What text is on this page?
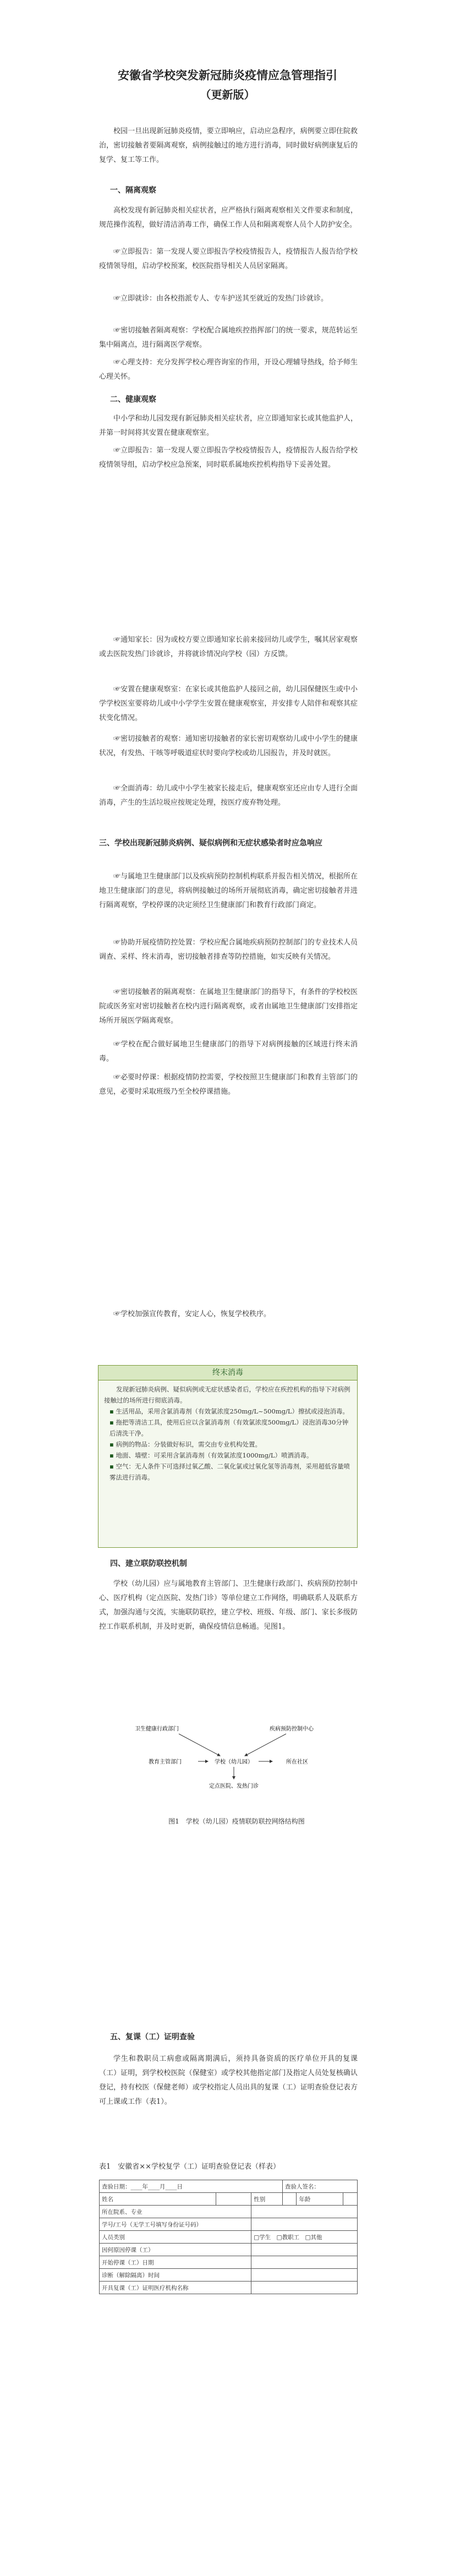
安徽省学校突发新冠肺炎疫情应急管理指引
（更新版）

校园一旦出现新冠肺炎疫情，要立即响应，启动应急程序，病例要立即住院救治，密切接触者要隔离观察，病例接触过的地方进行消毒，同时做好病例康复后的复学、复工等工作。

一、隔离观察

高校发现有新冠肺炎相关症状者，应严格执行隔离观察相关文件要求和制度，规范操作流程，做好清洁消毒工作，确保工作人员和隔离观察人员个人防护安全。

☞ 立即报告：第一发现人要立即报告学校疫情报告人，疫情报告人报告给学校疫情领导组，启动学校预案，校医院指导相关人员居家隔离。

☞ 立即就诊：由各校指派专人、专车护送其至就近的发热门诊就诊。

☞ 密切接触者隔离观察：学校配合属地疾控指挥部门的统一要求，规范转运至集中隔离点，进行隔离医学观察。

☞ 心理支持：充分发挥学校心理咨询室的作用，开设心理辅导热线，给予师生心理关怀。

二、健康观察

中小学和幼儿园发现有新冠肺炎相关症状者，应立即通知家长或其他监护人，并第一时间将其安置在健康观察室。

☞ 立即报告：第一发现人要立即报告学校疫情报告人，疫情报告人报告给学校疫情领导组，启动学校应急预案，同时联系属地疾控机构指导下妥善处置。

☞ 通知家长：因为或校方要立即通知家长前来接回幼儿或学生，嘱其居家观察或去医院发热门诊就诊，并将就诊情况向学校（园）方反馈。

☞ 安置在健康观察室：在家长或其他监护人接回之前，幼儿园保健医生或中小学学校医室要将幼儿或中小学学生安置在健康观察室，并安排专人陪伴和观察其症状变化情况。

☞ 密切接触者的观察：通知密切接触者的家长密切观察幼儿或中小学生的健康状况，有发热、干咳等呼吸道症状时要向学校或幼儿园报告，并及时就医。

☞ 全面消毒：幼儿或中小学生被家长接走后，健康观察室还应由专人进行全面消毒，产生的生活垃圾应按规定处理，按医疗废弃物处理。

三、学校出现新冠肺炎病例、疑似病例和无症状感染者时应急响应

☞ 与属地卫生健康部门以及疾病预防控制机构联系并报告相关情况，根据所在地卫生健康部门的意见，将病例接触过的场所开展彻底消毒，确定密切接触者并进行隔离观察，学校停课的决定须经卫生健康部门和教育行政部门商定。

☞ 协助开展疫情防控处置：学校应配合属地疾病预防控制部门的专业技术人员调查、采样、终末消毒，密切接触者排查等防控措施，如实反映有关情况。

☞ 密切接触者的隔离观察：在属地卫生健康部门的指导下，有条件的学校校医院或医务室对密切接触者在校内进行隔离观察，或者由属地卫生健康部门安排指定场所开展医学隔离观察。

☞ 学校在配合做好属地卫生健康部门的指导下对病例接触的区域进行终末消毒。

☞ 必要时停课：根据疫情防控需要，学校按照卫生健康部门和教育主管部门的意见，必要时采取班级乃至全校停课措施。

☞ 学校加强宣传教育，安定人心，恢复学校秩序。

终末消毒

发现新冠肺炎病例、疑似病例或无症状感染者后，学校应在疾控机构的指导下对病例接触过的场所进行彻底消毒。

▪ 生活用品，采用含氯消毒剂（有效氯浓度250mg/L~500mg/L）擦拭或浸泡消毒。

▪ 拖把等清洁工具，使用后应以含氯消毒剂（有效氯浓度500mg/L）浸泡消毒30分钟后清洗干净。

▪ 病例的物品：分装做好标识，需交由专业机构处置。

▪ 地面、墙壁：可采用含氯消毒剂（有效氯浓度1000mg/L）喷洒消毒。

▪ 空气：无人条件下可选择过氧乙酸、二氧化氯或过氧化氢等消毒剂，采用超低容量喷雾法进行消毒。

四、建立联防联控机制

学校（幼儿园）应与属地教育主管部门、卫生健康行政部门、疾病预防控制中心、医疗机构（定点医院、发热门诊）等单位建立工作网络，明确联系人及联系方式，加强沟通与交流，实施联防联控，建立学校、班级、年级、部门、家长多级防控工作联系机制，并及时更新，确保疫情信息畅通。见图1。

卫生健康行政部门	疾病预防控制中心
教育主管部门	学校（幼儿园）	所在社区
定点医院、发热门诊
图1　学校（幼儿园）疫情联防联控网络结构图

五、复课（工）证明查验

学生和教职员工病愈或隔离期满后，须持具备资质的医疗单位开具的复课（工）证明，到学校校医院（保健室）或学校其他指定部门及指定人员处复核确认登记，持有校医（保健老师）或学校指定人员出具的复课（工）证明查验登记表方可上课或工作（表1）。

表1　安徽省××学校复学（工）证明查验登记表（样表）
查验日期：____年____月____日			查验人签名：		
姓名		性别		年龄	
所在院系、专业					
学号/工号（无学工号填写身份证号码）					
人员类别		□学生　□教职工　□其他			
因何原因停课（工）					
开始停课（工）日期					
诊断（解除隔离）时间					
开具复课（工）证明医疗机构名称					
